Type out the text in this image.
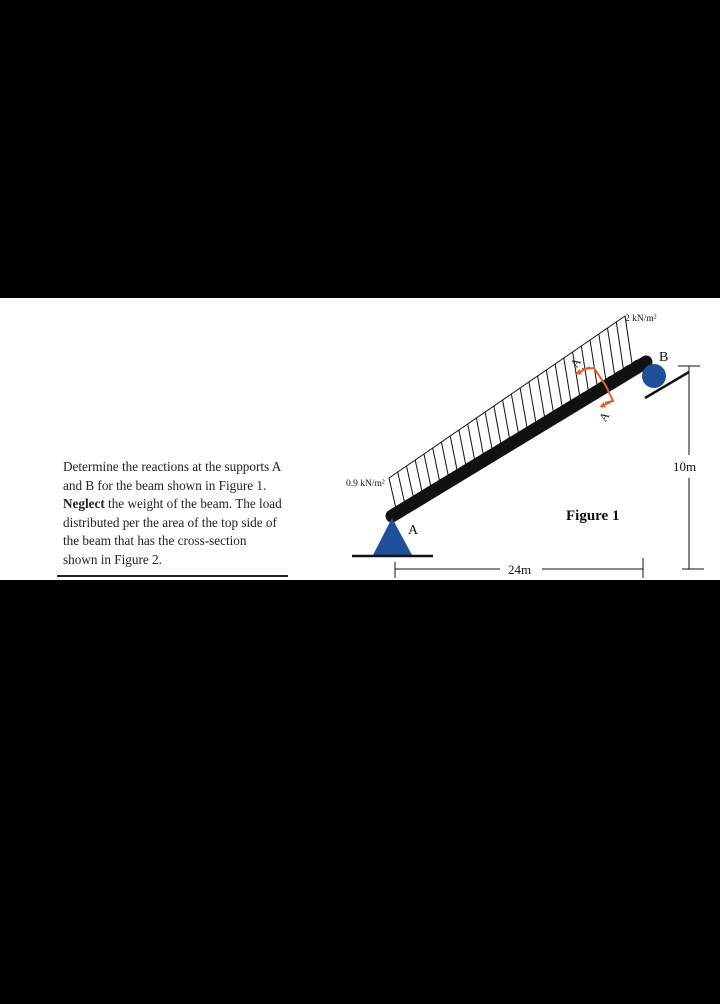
Determine the reactions at the supports A
and B for the beam shown in Figure 1.
Neglect the weight of the beam. The load
distributed per the area of the top side of
the beam that has the cross-section
shown in Figure 2.
A
A
A
B
0.9 kN/m²
2 kN/m²
Figure 1
24m
10m
